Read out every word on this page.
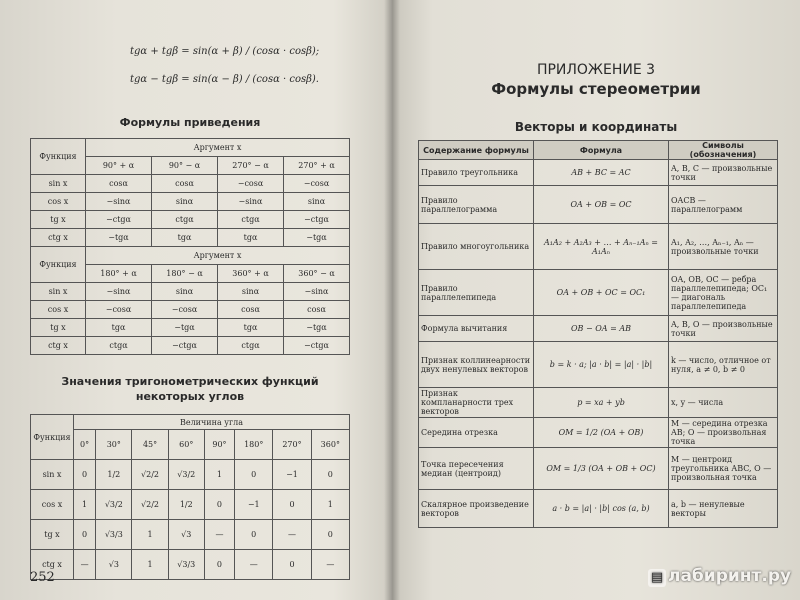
tgα + tgβ = sin(α + β) / (cosα · cosβ);
tgα − tgβ = sin(α − β) / (cosα · cosβ).
Формулы приведения
Функция	Аргумент x			
	90° + α	90° − α	270° − α	270° + α
sin x	cosα	cosα	−cosα	−cosα
cos x	−sinα	sinα	−sinα	sinα
tg x	−ctgα	ctgα	ctgα	−ctgα
ctg x	−tgα	tgα	tgα	−tgα
Функция	Аргумент x			
	180° + α	180° − α	360° + α	360° − α
sin x	−sinα	sinα	sinα	−sinα
cos x	−cosα	−cosα	cosα	cosα
tg x	tgα	−tgα	tgα	−tgα
ctg x	ctgα	−ctgα	ctgα	−ctgα
Значения тригонометрических функций
некоторых углов
Функция	Величина угла							
	0°	30°	45°	60°	90°	180°	270°	360°
sin x	0	1/2	√2/2	√3/2	1	0	−1	0
cos x	1	√3/2	√2/2	1/2	0	−1	0	1
tg x	0	√3/3	1	√3	—	0	—	0
ctg x	—	√3	1	√3/3	0	—	0	—
252
ПРИЛОЖЕНИЕ 3
Формулы стереометрии
Векторы и координаты
Содержание формулы	Формула	Символы (обозначения)
Правило треугольника	AB + BC = AC	A, B, C — произвольные точки
Правило параллелограмма	OA + OB = OC	OACB — параллелограмм
Правило многоугольника	A₁A₂ + A₂A₃ + … + Aₙ₋₁Aₙ = A₁Aₙ	A₁, A₂, …, Aₙ₋₁, Aₙ — произвольные точки
Правило параллелепипеда	OA + OB + OC = OC₁	OA, OB, OC — ребра параллелепипеда; OC₁ — диагональ параллелепипеда
Формула вычитания	OB − OA = AB	A, B, O — произвольные точки
Признак коллинеарности двух ненулевых векторов	b = k · a; |a · b| = |a| · |b|	k — число, отличное от нуля, a ≠ 0, b ≠ 0
Признак компланарности трех векторов	p = xa + yb	x, y — числа
Середина отрезка	OM = 1/2 (OA + OB)	M — середина отрезка AB; O — произвольная точка
Точка пересечения медиан (центроид)	OM = 1/3 (OA + OB + OC)	M — центроид треугольника ABC, O — произвольная точка
Скалярное произведение векторов	a · b = |a| · |b| cos (a, b)	a, b — ненулевые векторы
▤ лабиринт.ру
